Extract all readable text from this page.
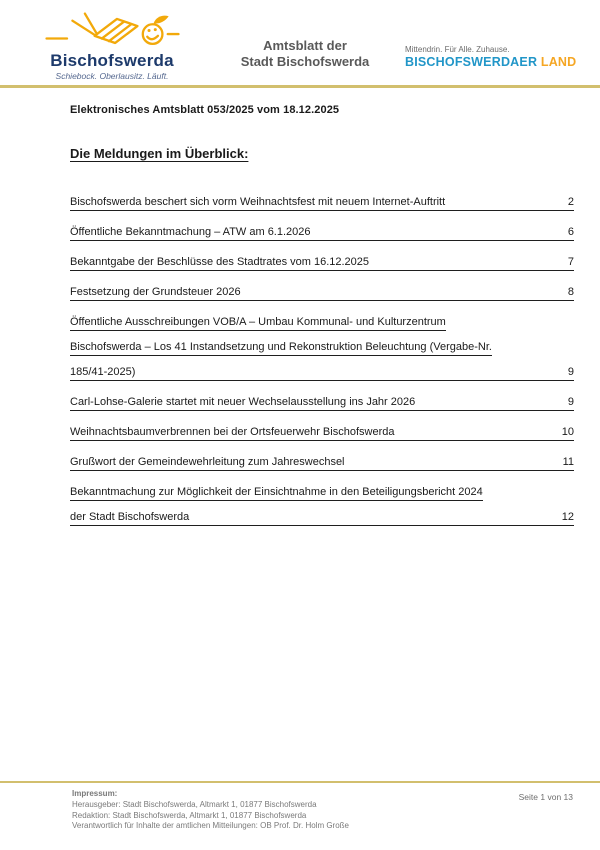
Bischofswerda
Schiebock. Oberlausitz. Läuft.
Amtsblatt der
Stadt Bischofswerda
Mittendrin. Für Alle. Zuhause.
BISCHOFSWERDAER LAND
Elektronisches Amtsblatt 053/2025 vom 18.12.2025
Die Meldungen im Überblick:
Bischofswerda beschert sich vorm Weihnachtsfest mit neuem Internet-Auftritt	2
Öffentliche Bekanntmachung – ATW am 6.1.2026	6
Bekanntgabe der Beschlüsse des Stadtrates vom 16.12.2025	7
Festsetzung der Grundsteuer 2026	8
Öffentliche Ausschreibungen VOB/A – Umbau Kommunal- und Kulturzentrum
Bischofswerda – Los 41 Instandsetzung und Rekonstruktion Beleuchtung (Vergabe-Nr.
185/41-2025)	9
Carl-Lohse-Galerie startet mit neuer Wechselausstellung ins Jahr 2026	9
Weihnachtsbaumverbrennen bei der Ortsfeuerwehr Bischofswerda	10
Grußwort der Gemeindewehrleitung zum Jahreswechsel	11
Bekanntmachung zur Möglichkeit der Einsichtnahme in den Beteiligungsbericht 2024
der Stadt Bischofswerda	12
Impressum:
Herausgeber: Stadt Bischofswerda, Altmarkt 1, 01877 Bischofswerda
Redaktion: Stadt Bischofswerda, Altmarkt 1, 01877 Bischofswerda
Verantwortlich für Inhalte der amtlichen Mitteilungen: OB Prof. Dr. Holm Große
Seite 1 von 13
